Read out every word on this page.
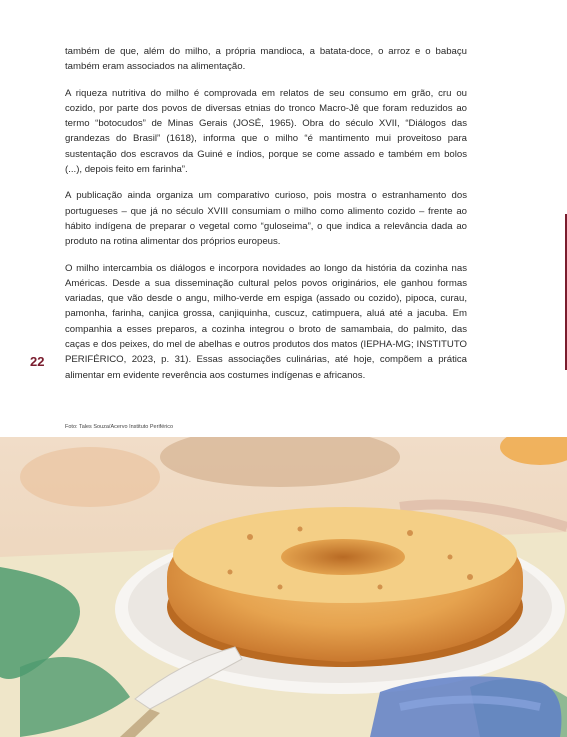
também de que, além do milho, a própria mandioca, a batata-doce, o arroz e o babaçu também eram associados na alimentação.

A riqueza nutritiva do milho é comprovada em relatos de seu consumo em grão, cru ou cozido, por parte dos povos de diversas etnias do tronco Macro-Jê que foram reduzidos ao termo “botocudos” de Minas Gerais (JOSÉ, 1965). Obra do século XVII, “Diálogos das grandezas do Brasil” (1618), informa que o milho “é mantimento mui proveitoso para sustentação dos escravos da Guiné e índios, porque se come assado e também em bolos (...), depois feito em farinha”.

A publicação ainda organiza um comparativo curioso, pois mostra o estranhamento dos portugueses – que já no século XVIII consumiam o milho como alimento cozido – frente ao hábito indígena de preparar o vegetal como “guloseima”, o que indica a relevância dada ao produto na rotina alimentar dos próprios europeus.

O milho intercambia os diálogos e incorpora novidades ao longo da história da cozinha nas Américas. Desde a sua disseminação cultural pelos povos originários, ele ganhou formas variadas, que vão desde o angu, milho-verde em espiga (assado ou cozido), pipoca, curau, pamonha, farinha, canjica grossa, canjiquinha, cuscuz, catimpuera, aluá até a jacuba. Em companhia a esses preparos, a cozinha integrou o broto de samambaia, do palmito, das caças e dos peixes, do mel de abelhas e outros produtos dos matos (IEPHA-MG; INSTITUTO PERIFÉRICO, 2023, p. 31). Essas associações culinárias, até hoje, compõem a prática alimentar em evidente reverência aos costumes indígenas e africanos.

22
Foto: Tales Souza/Acervo Instituto Periférico
